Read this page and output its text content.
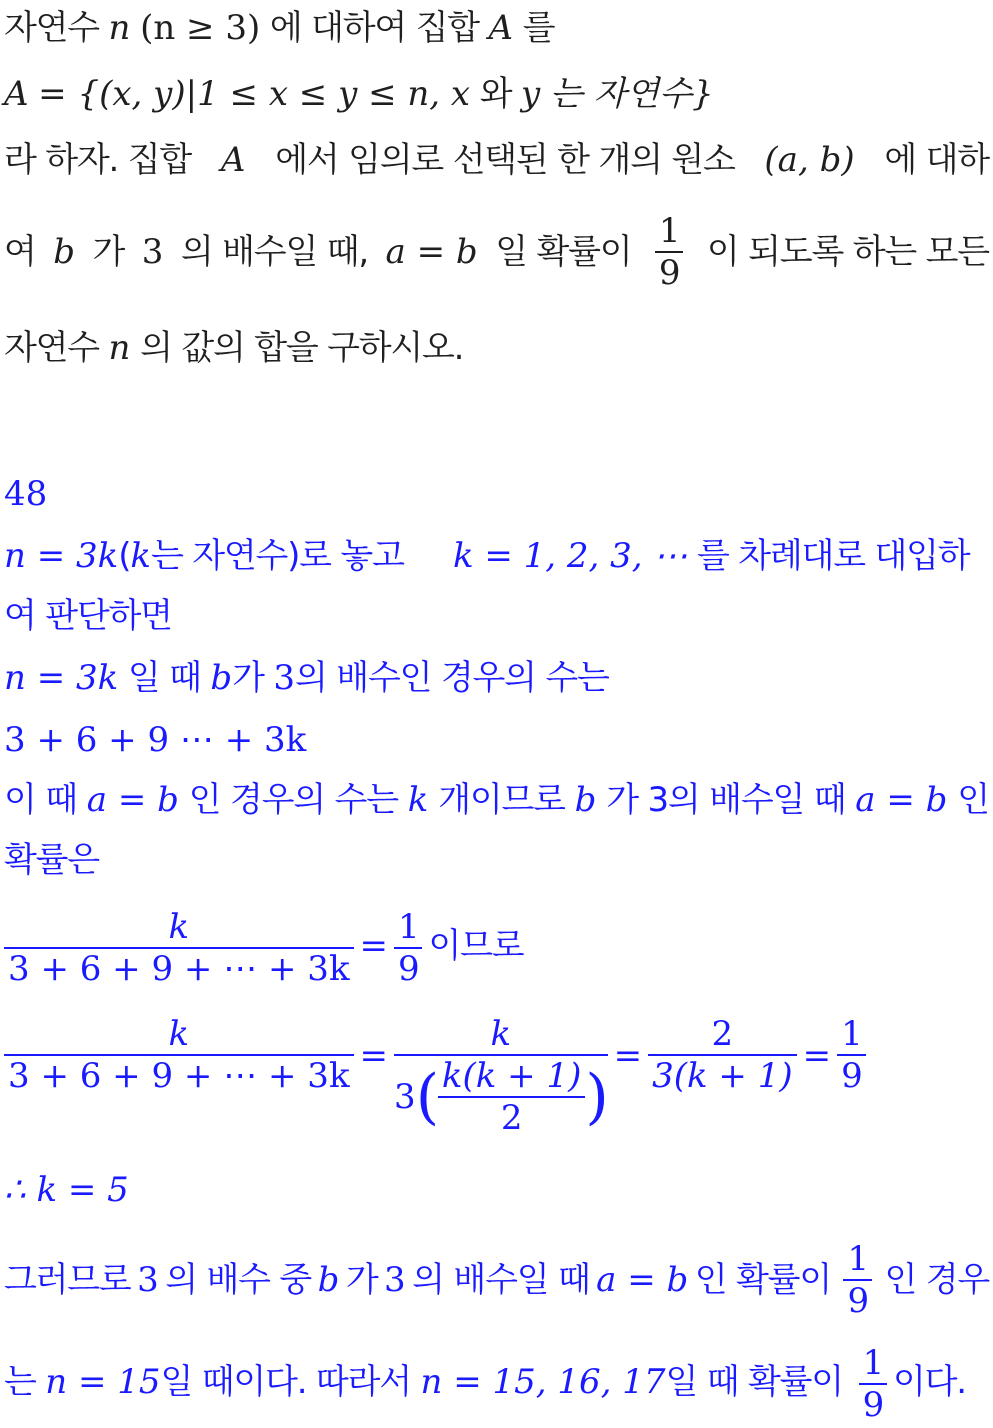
자연수 n (n ≥ 3) 에 대하여 집합 A 를
A = {(x, y)|1 ≤ x ≤ y ≤ n, x 와 y 는 자연수}
라 하자. 집합 A 에서 임의로 선택된 한 개의 원소 (a, b) 에 대하
여 b 가 3 의 배수일 때, a = b 일 확률이 $\frac{1}{9}$ 이 되도록 하는 모든
자연수 n 의 값의 합을 구하시오.
48
n = 3k(k는 자연수)로 놓고 k = 1, 2, 3, ⋯ 를 차례대로 대입하
여 판단하면
n = 3k 일 때 b가 3의 배수인 경우의 수는
3 + 6 + 9 ⋯ + 3k
이 때 a = b 인 경우의 수는 k 개이므로 b 가 3의 배수일 때 a = b 인
확률은
$\frac{k}{3 + 6 + 9 + \cdots + 3k} = \frac{1}{9}$ 이므로
$\frac{k}{3 + 6 + 9 + \cdots + 3k}$ =
k
3 ( $\frac{k(k + 1)}{2}$ )
= $\frac{2}{3(k + 1)} = \frac{1}{9}$
∴ k = 5
그러므로 3 의 배수 중 b 가 3 의 배수일 때 a = b 인 확률이 $\frac{1}{9}$ 인 경우
는 n = 15일 때이다. 따라서 n = 15, 16, 17일 때 확률이 $\frac{1}{9}$ 이다.
